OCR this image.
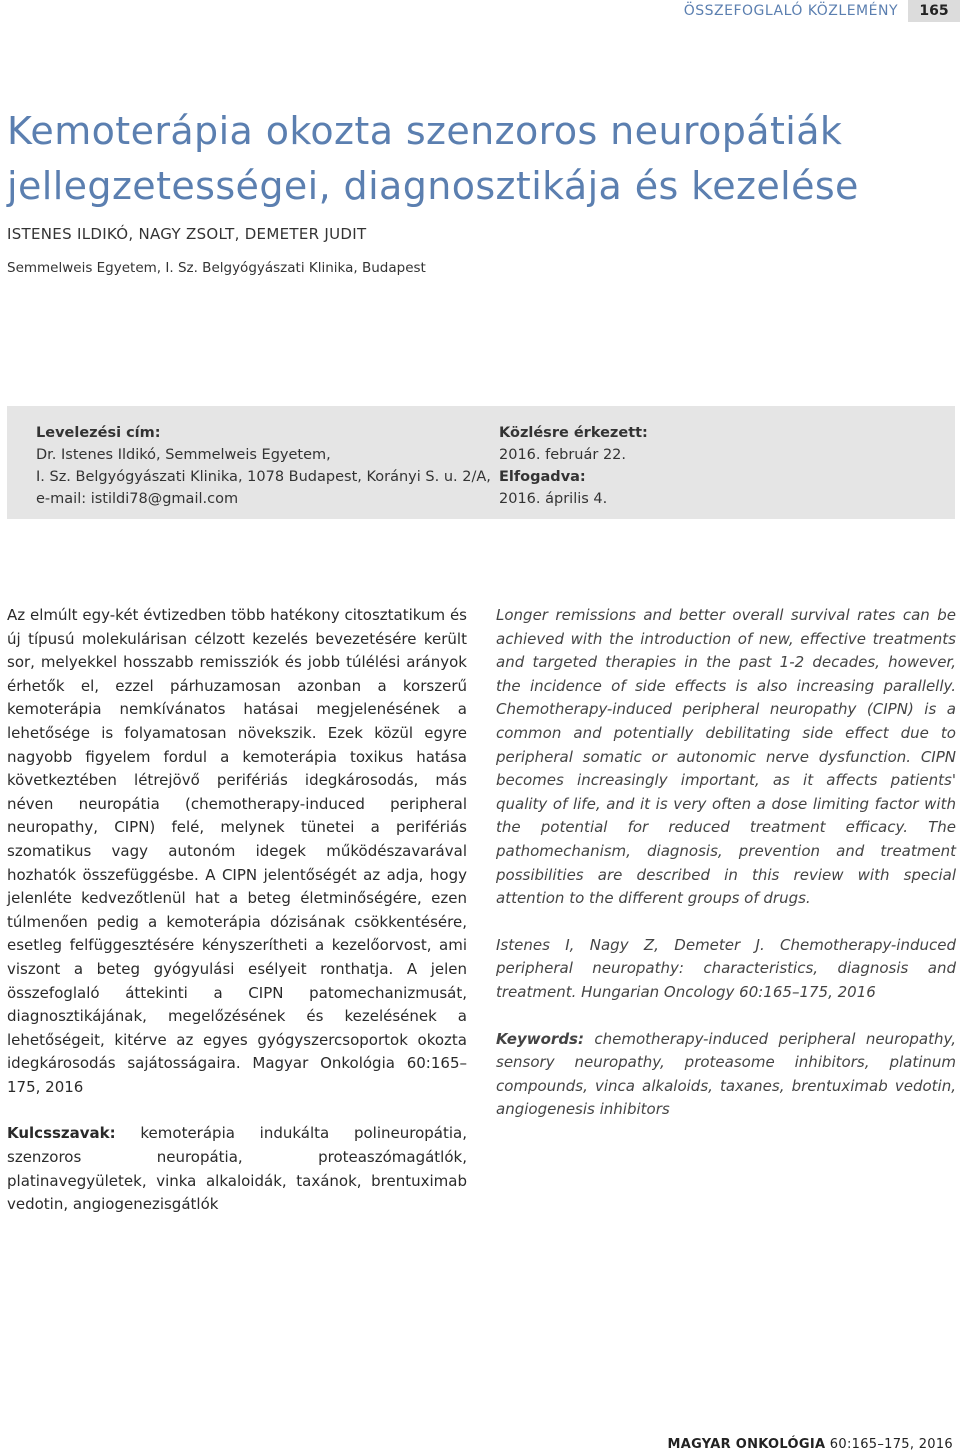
ÖSSZEFOGLALÓ KÖZLEMÉNY	165
Kemoterápia okozta szenzoros neuropátiák
jellegzetességei, diagnosztikája és kezelése
ISTENES ILDIKÓ, NAGY ZSOLT, DEMETER JUDIT
Semmelweis Egyetem, I. Sz. Belgyógyászati Klinika, Budapest
Levelezési cím:
Dr. Istenes Ildikó, Semmelweis Egyetem,
I. Sz. Belgyógyászati Klinika, 1078 Budapest, Korányi S. u. 2/A,
e-mail: istildi78@gmail.com
Közlésre érkezett:
2016. február 22.
Elfogadva:
2016. április 4.

Az elmúlt egy-két évtizedben több hatékony citosztatikum és új típusú molekulárisan célzott kezelés bevezetésére került sor, melyekkel hosszabb remissziók és jobb túlélési arányok érhetők el, ezzel párhuzamosan azonban a korszerű kemoterápia nemkívánatos hatásai megjelenésének a lehetősége is folyamatosan növekszik. Ezek közül egyre nagyobb figyelem fordul a kemoterápia toxikus hatása következtében létrejövő perifériás idegkárosodás, más néven neuropátia (chemotherapy-induced peripheral neuropathy, CIPN) felé, melynek tünetei a perifériás szomatikus vagy autonóm idegek működészavarával hozhatók összefüggésbe. A CIPN jelentőségét az adja, hogy jelenléte kedvezőtlenül hat a beteg életminőségére, ezen túlmenően pedig a kemoterápia dózisának csökkentésére, esetleg felfüggesztésére kényszerítheti a kezelőorvost, ami viszont a beteg gyógyulási esélyeit ronthatja. A jelen összefoglaló áttekinti a CIPN patomechanizmusát, diagnosztikájának, megelőzésének és kezelésének a lehetőségeit, kitérve az egyes gyógyszercsoportok okozta idegkárosodás sajátosságaira. Magyar Onkológia 60:165–175, 2016

Kulcsszavak: kemoterápia indukálta polineuropátia, szenzoros neuropátia, proteaszómagátlók, platinavegyületek, vinka alkaloidák, taxánok, brentuximab vedotin, angiogenezisgátlók

Longer remissions and better overall survival rates can be achieved with the introduction of new, effective treatments and targeted therapies in the past 1-2 decades, however, the incidence of side effects is also increasing parallelly. Chemotherapy-induced peripheral neuropathy (CIPN) is a common and potentially debilitating side effect due to peripheral somatic or autonomic nerve dysfunction. CIPN becomes increasingly important, as it affects patients' quality of life, and it is very often a dose limiting factor with the potential for reduced treatment efficacy. The pathomechanism, diagnosis, prevention and treatment possibilities are described in this review with special attention to the different groups of drugs.

Istenes I, Nagy Z, Demeter J. Chemotherapy-induced peripheral neuropathy: characteristics, diagnosis and treatment. Hungarian Oncology 60:165–175, 2016

Keywords: chemotherapy-induced peripheral neuropathy, sensory neuropathy, proteasome inhibitors, platinum compounds, vinca alkaloids, taxanes, brentuximab vedotin, angiogenesis inhibitors

MAGYAR ONKOLÓGIA 60:165–175, 2016
